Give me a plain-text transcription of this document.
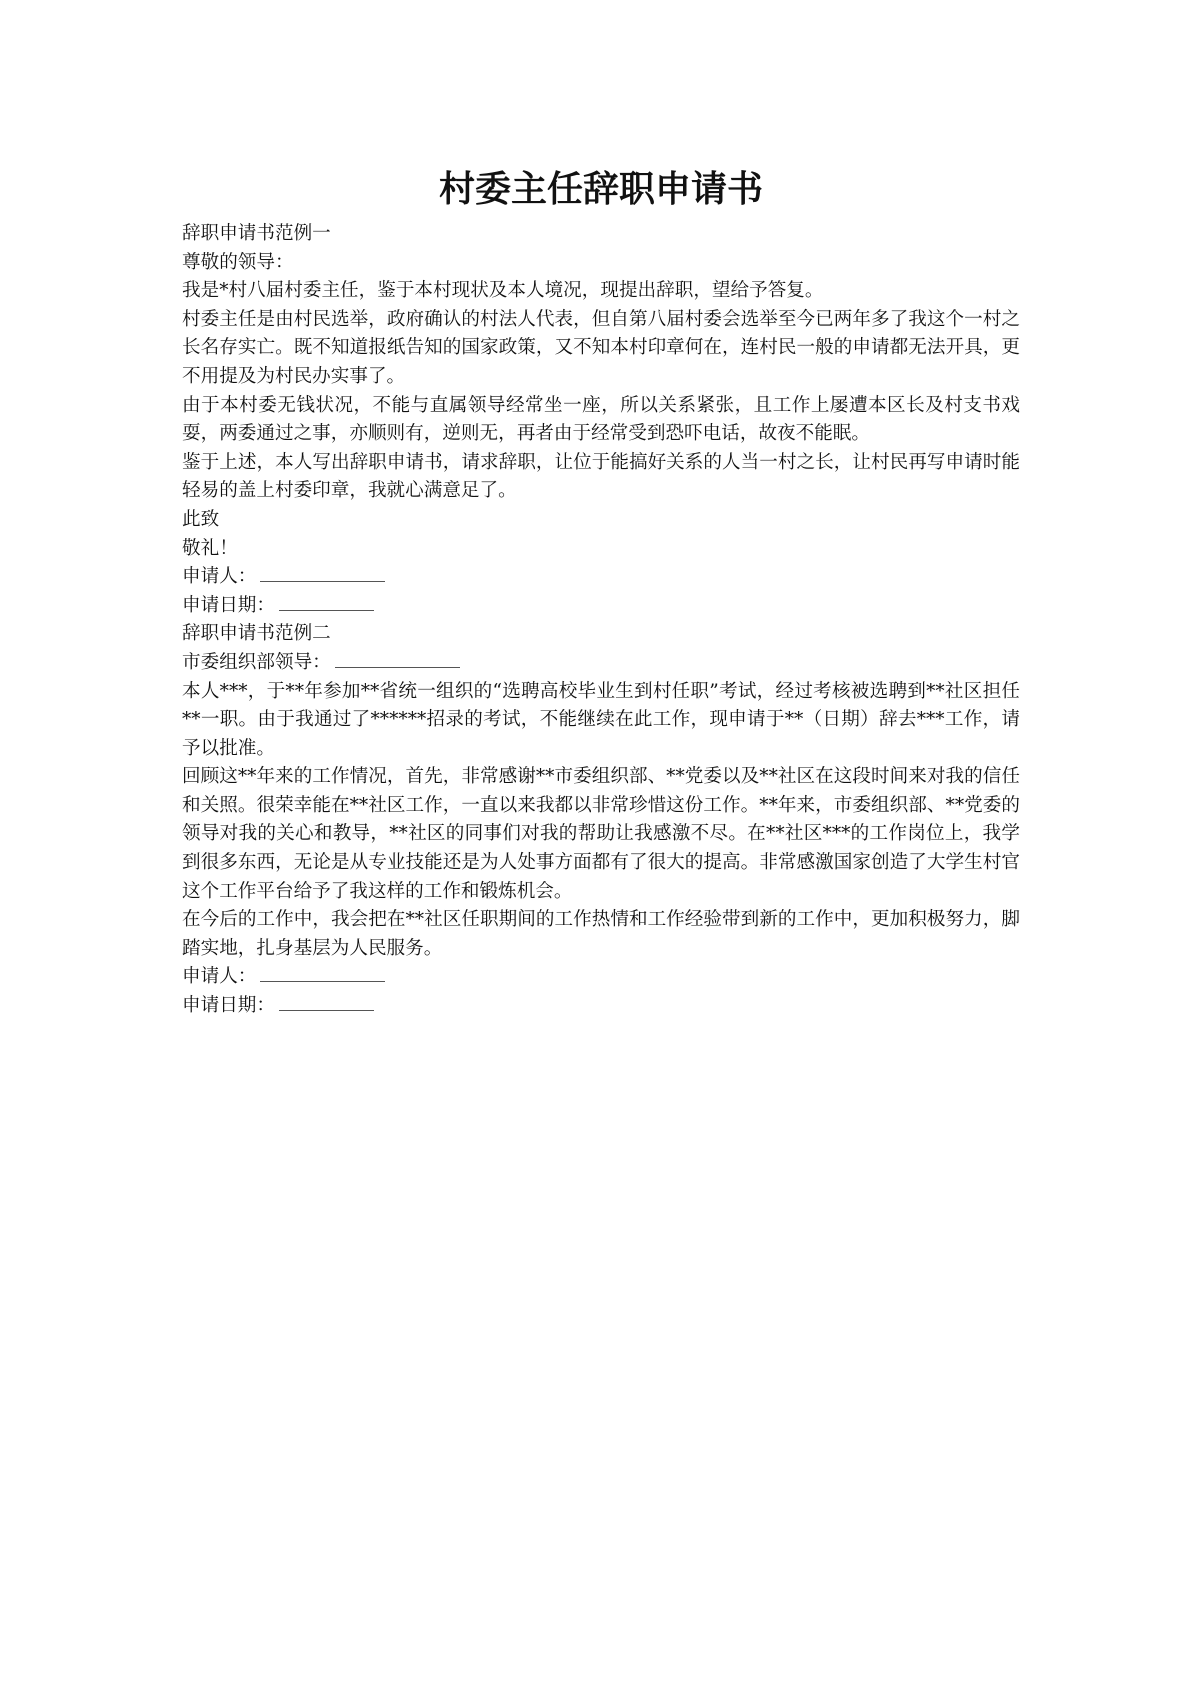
村委主任辞职申请书

辞职申请书范例一

尊敬的领导：

我是*村八届村委主任，鉴于本村现状及本人境况，现提出辞职，望给予答复。

村委主任是由村民选举，政府确认的村法人代表，但自第八届村委会选举至今已两年多了我这个一村之长名存实亡。既不知道报纸告知的国家政策，又不知本村印章何在，连村民一般的申请都无法开具，更不用提及为村民办实事了。

由于本村委无钱状况，不能与直属领导经常坐一座，所以关系紧张，且工作上屡遭本区长及村支书戏耍，两委通过之事，亦顺则有，逆则无，再者由于经常受到恐吓电话，故夜不能眠。

鉴于上述，本人写出辞职申请书，请求辞职，让位于能搞好关系的人当一村之长，让村民再写申请时能轻易的盖上村委印章，我就心满意足了。

此致

敬礼！

申请人：

申请日期：

辞职申请书范例二

市委组织部领导：

本人***，于**年参加**省统一组织的“选聘高校毕业生到村任职”考试，经过考核被选聘到**社区担任**一职。由于我通过了******招录的考试，不能继续在此工作，现申请于**（日期）辞去***工作，请予以批准。

回顾这**年来的工作情况，首先，非常感谢**市委组织部、**党委以及**社区在这段时间来对我的信任和关照。很荣幸能在**社区工作，一直以来我都以非常珍惜这份工作。**年来，市委组织部、**党委的领导对我的关心和教导，**社区的同事们对我的帮助让我感激不尽。在**社区***的工作岗位上，我学到很多东西，无论是从专业技能还是为人处事方面都有了很大的提高。非常感激国家创造了大学生村官这个工作平台给予了我这样的工作和锻炼机会。

在今后的工作中，我会把在**社区任职期间的工作热情和工作经验带到新的工作中，更加积极努力，脚踏实地，扎身基层为人民服务。

申请人：

申请日期：
